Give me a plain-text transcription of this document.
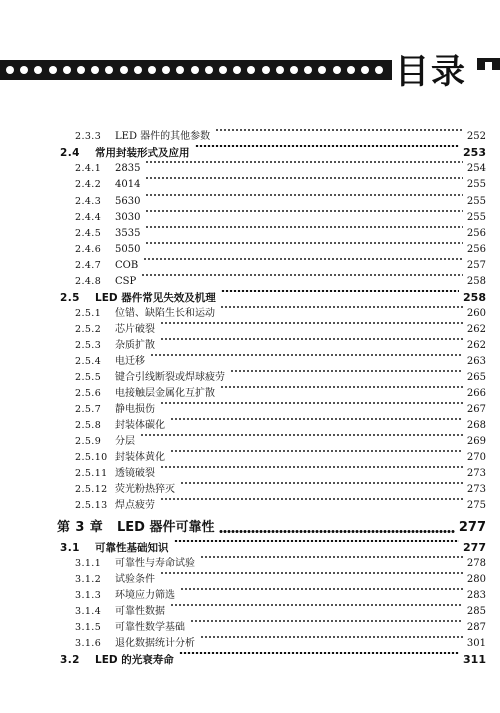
目录
2.3.3 LED 器件的其他参数	252
2.4 常用封装形式及应用	253
2.4.1 2835	254
2.4.2 4014	255
2.4.3 5630	255
2.4.4 3030	255
2.4.5 3535	256
2.4.6 5050	256
2.4.7 COB	257
2.4.8 CSP	258
2.5 LED 器件常见失效及机理	258
2.5.1 位错、缺陷生长和运动	260
2.5.2 芯片破裂	262
2.5.3 杂质扩散	262
2.5.4 电迁移	263
2.5.5 键合引线断裂或焊球疲劳	265
2.5.6 电接触层金属化互扩散	266
2.5.7 静电损伤	267
2.5.8 封装体碳化	268
2.5.9 分层	269
2.5.10 封装体黄化	270
2.5.11 透镜破裂	273
2.5.12 荧光粉热猝灭	273
2.5.13 焊点疲劳	275
第 3 章 LED 器件可靠性	277
3.1 可靠性基础知识	277
3.1.1 可靠性与寿命试验	278
3.1.2 试验条件	280
3.1.3 环境应力筛选	283
3.1.4 可靠性数据	285
3.1.5 可靠性数学基础	287
3.1.6 退化数据统计分析	301
3.2 LED 的光衰寿命	311
